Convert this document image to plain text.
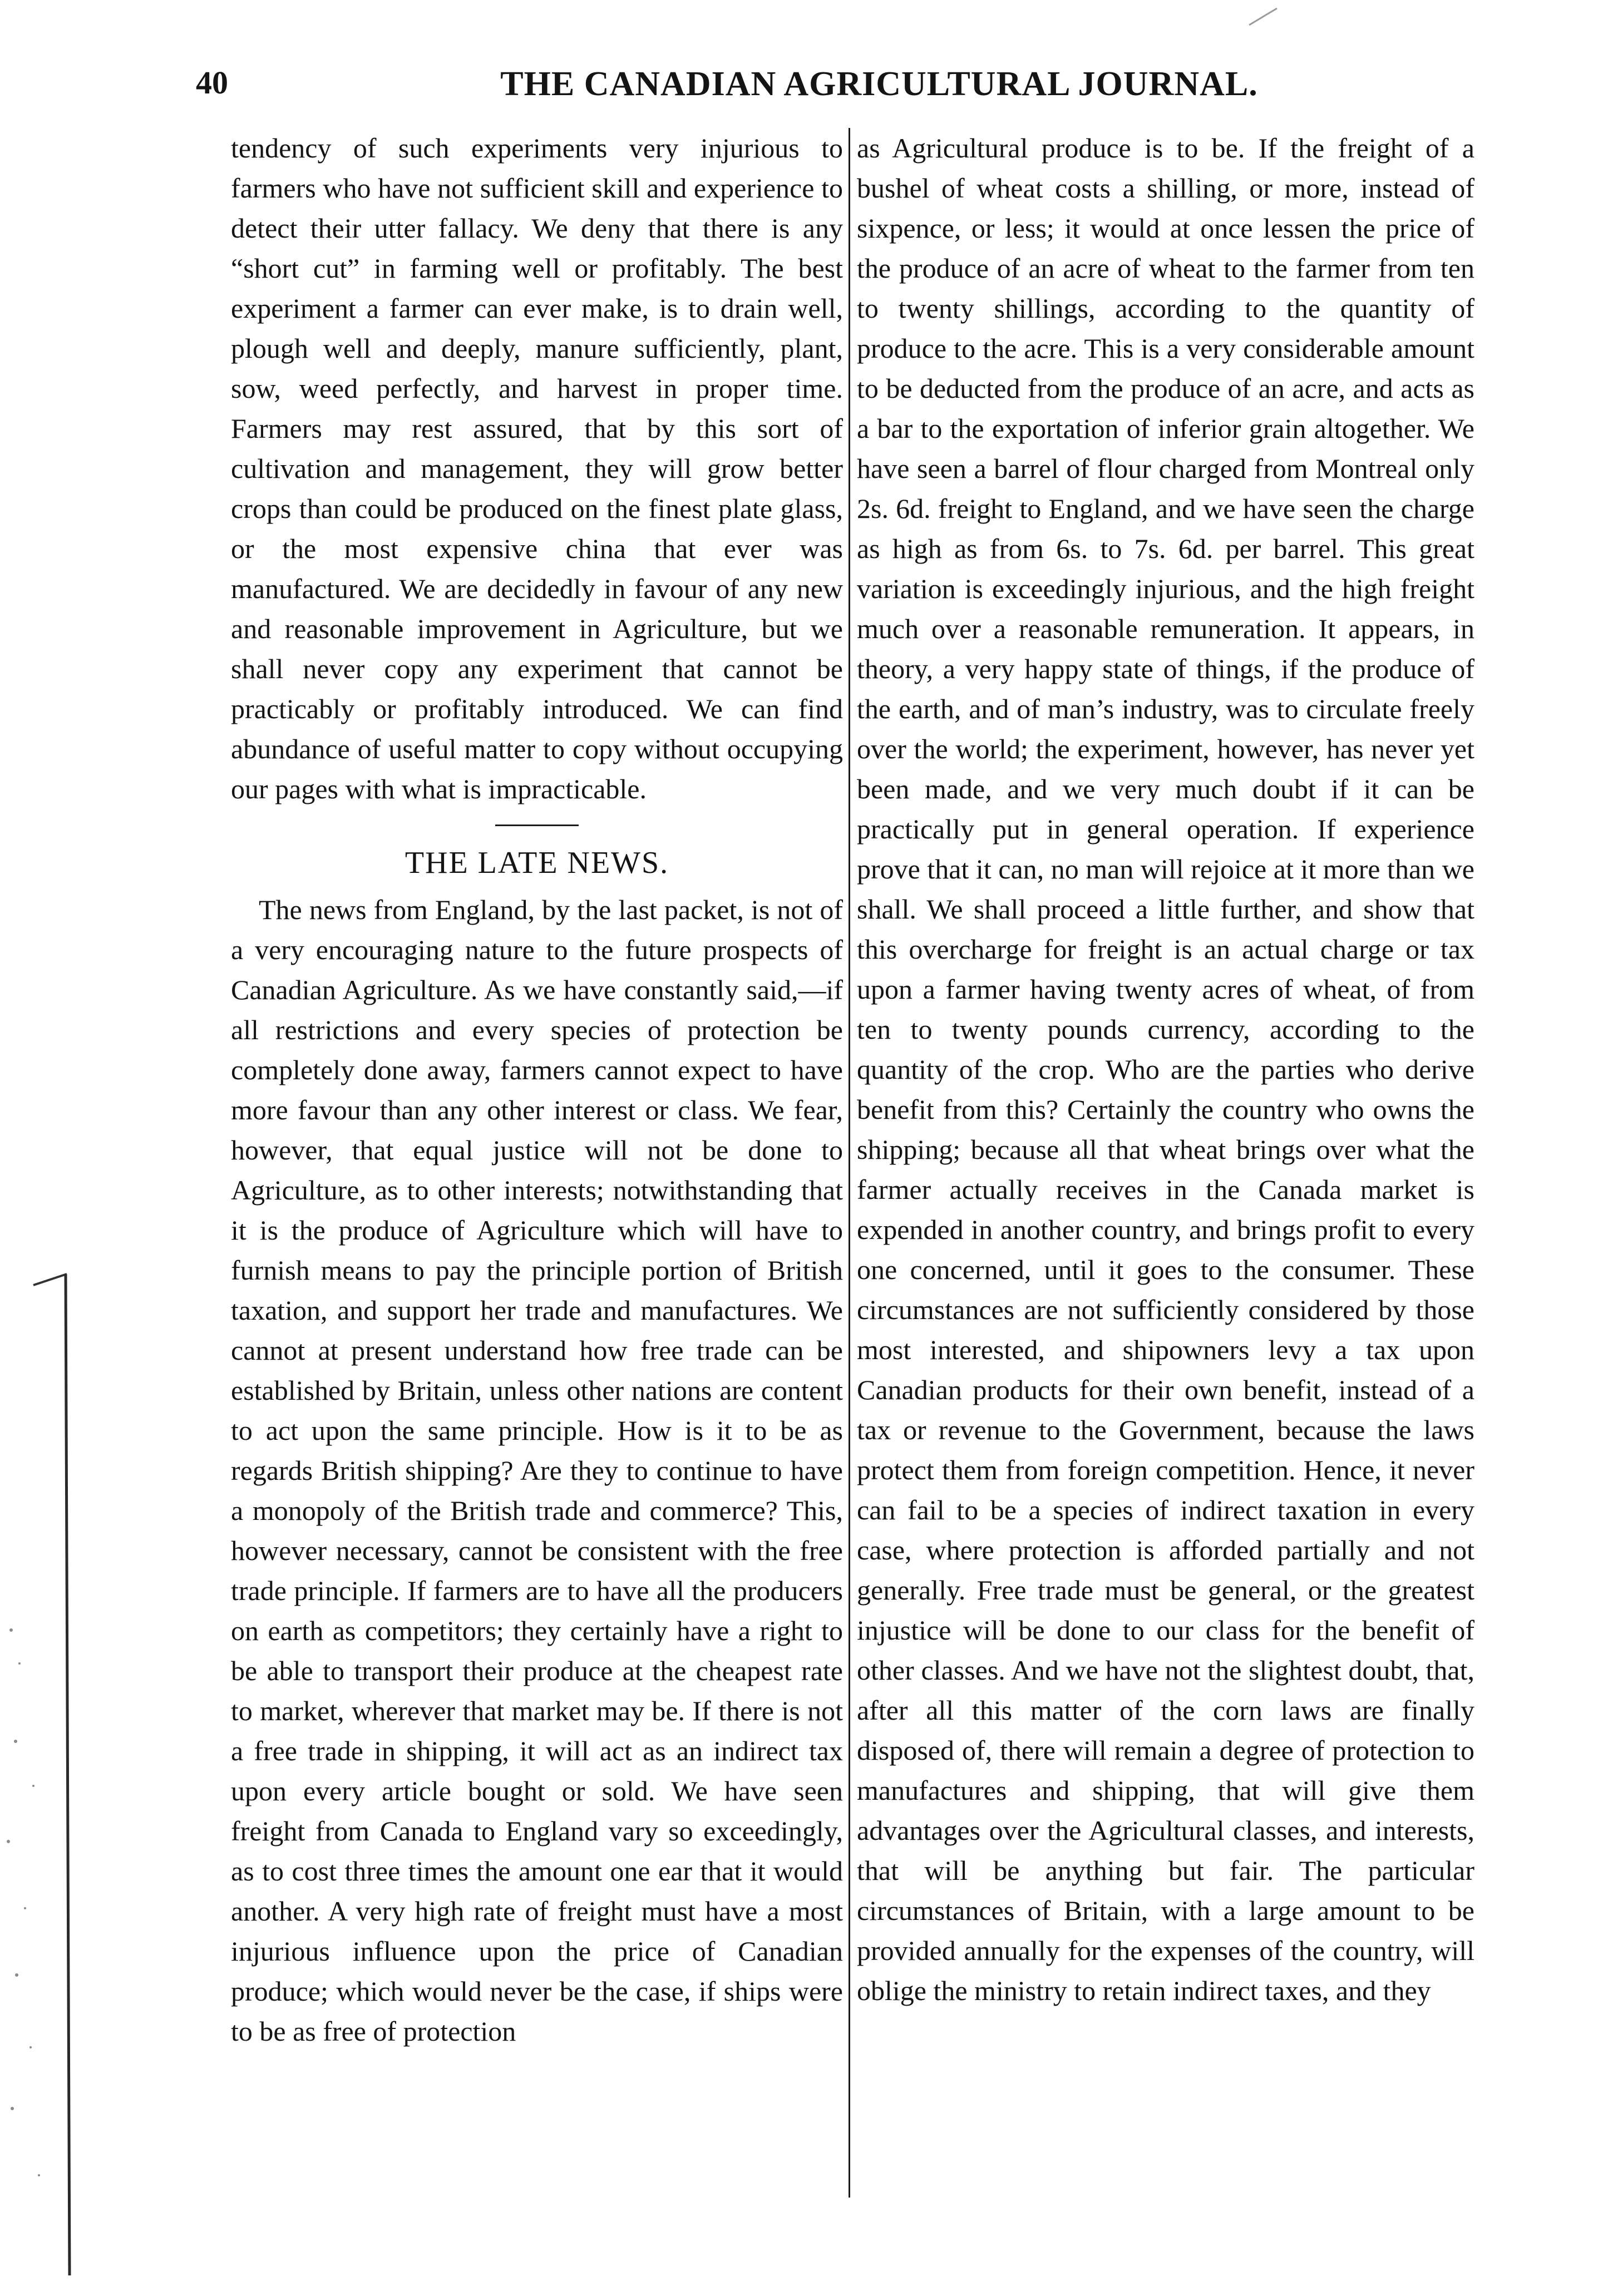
40	THE CANADIAN AGRICULTURAL JOURNAL.

tendency of such experiments very injurious to farmers who have not sufficient skill and experience to detect their utter fallacy. We deny that there is any “short cut” in farming well or profitably. The best experiment a farmer can ever make, is to drain well, plough well and deeply, manure sufficiently, plant, sow, weed perfectly, and harvest in proper time. Farmers may rest assured, that by this sort of cultivation and management, they will grow better crops than could be produced on the finest plate glass, or the most expensive china that ever was manufactured. We are decidedly in favour of any new and reasonable improvement in Agriculture, but we shall never copy any experiment that cannot be practicably or profitably introduced. We can find abundance of useful matter to copy without occupying our pages with what is impracticable.

THE LATE NEWS.

The news from England, by the last packet, is not of a very encouraging nature to the future prospects of Canadian Agriculture. As we have constantly said,—if all restrictions and every species of protection be completely done away, farmers cannot expect to have more favour than any other interest or class. We fear, however, that equal justice will not be done to Agriculture, as to other interests; notwithstanding that it is the produce of Agriculture which will have to furnish means to pay the principle portion of British taxation, and support her trade and manufactures. We cannot at present understand how free trade can be established by Britain, unless other nations are content to act upon the same principle. How is it to be as regards British shipping? Are they to continue to have a monopoly of the British trade and commerce? This, however necessary, cannot be consistent with the free trade principle. If farmers are to have all the producers on earth as competitors; they certainly have a right to be able to transport their produce at the cheapest rate to market, wherever that market may be. If there is not a free trade in shipping, it will act as an indirect tax upon every article bought or sold. We have seen freight from Canada to England vary so exceedingly, as to cost three times the amount one ear that it would another. A very high rate of freight must have a most injurious influence upon the price of Canadian produce; which would never be the case, if ships were to be as free of protection

as Agricultural produce is to be. If the freight of a bushel of wheat costs a shilling, or more, instead of sixpence, or less; it would at once lessen the price of the produce of an acre of wheat to the farmer from ten to twenty shillings, according to the quantity of produce to the acre. This is a very considerable amount to be deducted from the produce of an acre, and acts as a bar to the exportation of inferior grain altogether. We have seen a barrel of flour charged from Montreal only 2s. 6d. freight to England, and we have seen the charge as high as from 6s. to 7s. 6d. per barrel. This great variation is exceedingly injurious, and the high freight much over a reasonable remuneration. It appears, in theory, a very happy state of things, if the produce of the earth, and of man’s industry, was to circulate freely over the world; the experiment, however, has never yet been made, and we very much doubt if it can be practically put in general operation. If experience prove that it can, no man will rejoice at it more than we shall. We shall proceed a little further, and show that this overcharge for freight is an actual charge or tax upon a farmer having twenty acres of wheat, of from ten to twenty pounds currency, according to the quantity of the crop. Who are the parties who derive benefit from this? Certainly the country who owns the shipping; because all that wheat brings over what the farmer actually receives in the Canada market is expended in another country, and brings profit to every one concerned, until it goes to the consumer. These circumstances are not sufficiently considered by those most interested, and shipowners levy a tax upon Canadian products for their own benefit, instead of a tax or revenue to the Government, because the laws protect them from foreign competition. Hence, it never can fail to be a species of indirect taxation in every case, where protection is afforded partially and not generally. Free trade must be general, or the greatest injustice will be done to our class for the benefit of other classes. And we have not the slightest doubt, that, after all this matter of the corn laws are finally disposed of, there will remain a degree of protection to manufactures and shipping, that will give them advantages over the Agricultural classes, and interests, that will be anything but fair. The particular circumstances of Britain, with a large amount to be provided annually for the expenses of the country, will oblige the ministry to retain indirect taxes, and they
